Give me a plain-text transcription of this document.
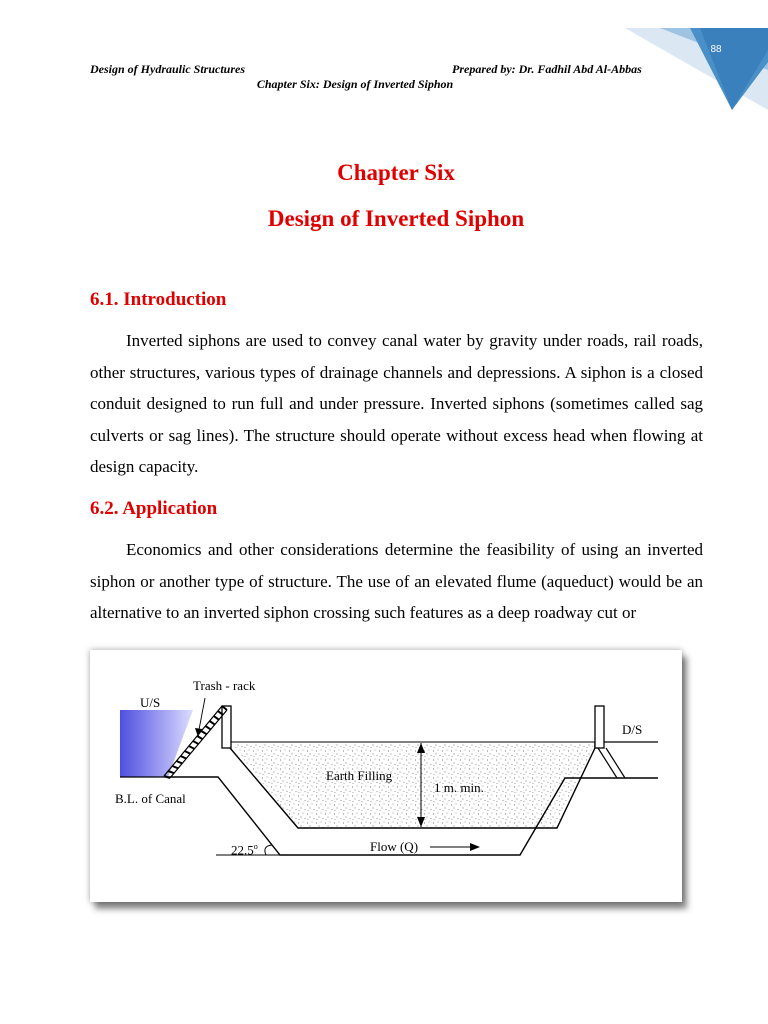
88
Design of Hydraulic Structures	Prepared by: Dr. Fadhil Abd Al-Abbas
Chapter Six: Design of Inverted Siphon
Chapter Six
Design of Inverted Siphon
6.1. Introduction

Inverted siphons are used to convey canal water by gravity under roads, rail roads, other structures, various types of drainage channels and depressions. A siphon is a closed conduit designed to run full and under pressure. Inverted siphons (sometimes called sag culverts or sag lines). The structure should operate without excess head when flowing at design capacity.

6.2. Application

Economics and other considerations determine the feasibility of using an inverted siphon or another type of structure. The use of an elevated flume (aqueduct) would be an alternative to an inverted siphon crossing such features as a deep roadway cut or

Trash - rack
U/S
D/S
Earth Filling
1 m. min.
B.L. of Canal
22.5$^o$	Flow (Q)
